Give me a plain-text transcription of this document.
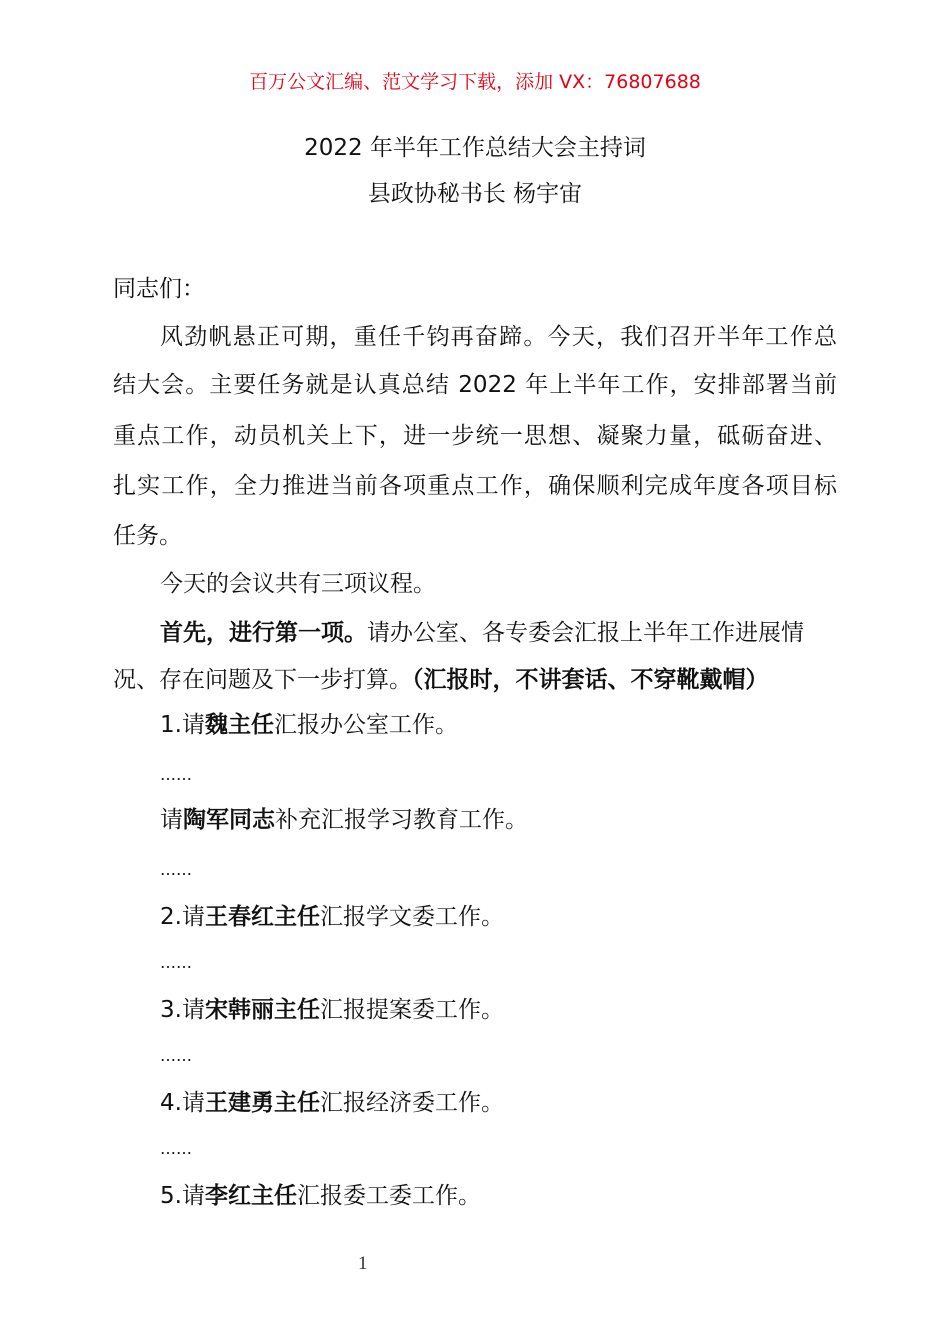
百万公文汇编、范文学习下载，添加 VX：76807688
2022 年半年工作总结大会主持词
县政协秘书长 杨宇宙
同志们：
风劲帆悬正可期，重任千钧再奋蹄。今天，我们召开半年工作总
结大会。主要任务就是认真总结 2022 年上半年工作，安排部署当前
重点工作，动员机关上下，进一步统一思想、凝聚力量，砥砺奋进、
扎实工作，全力推进当前各项重点工作，确保顺利完成年度各项目标
任务。
今天的会议共有三项议程。
首先，进行第一项。请办公室、各专委会汇报上半年工作进展情
况、存在问题及下一步打算。（汇报时，不讲套话、不穿靴戴帽）
1.请魏主任汇报办公室工作。
……
请陶军同志补充汇报学习教育工作。
……
2.请王春红主任汇报学文委工作。
……
3.请宋韩丽主任汇报提案委工作。
……
4.请王建勇主任汇报经济委工作。
……
5.请李红主任汇报委工委工作。
1
